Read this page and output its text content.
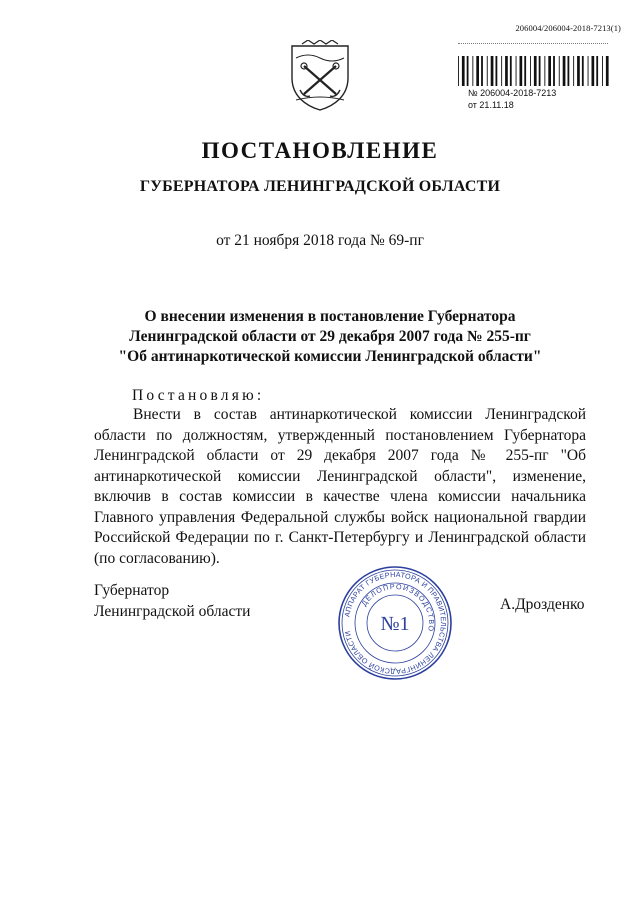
206004/206004-2018-7213(1)
№ 206004-2018-7213
от 21.11.18
ПОСТАНОВЛЕНИЕ
ГУБЕРНАТОРА ЛЕНИНГРАДСКОЙ ОБЛАСТИ
от 21 ноября 2018 года № 69-пг
О внесении изменения в постановление Губернатора
Ленинградской области от 29 декабря 2007 года № 255-пг
"Об антинаркотической комиссии Ленинградской области"
Постановляю:
Внести в состав антинаркотической комиссии Ленинградской области по должностям, утвержденный постановлением Губернатора Ленинградской области от 29 декабря 2007 года № 255-пг "Об антинаркотической комиссии Ленинградской области", изменение, включив в состав комиссии в качестве члена комиссии начальника Главного управления Федеральной службы войск национальной гвардии Российской Федерации по г. Санкт-Петербургу и Ленинградской области (по согласованию).
Губернатор
Ленинградской области	А.Дрозденко
АППАРАТ ГУБЕРНАТОРА И ПРАВИТЕЛЬСТВА ЛЕНИНГРАДСКОЙ ОБЛАСТИ
ДЕЛОПРОИЗВОДСТВО
№1
